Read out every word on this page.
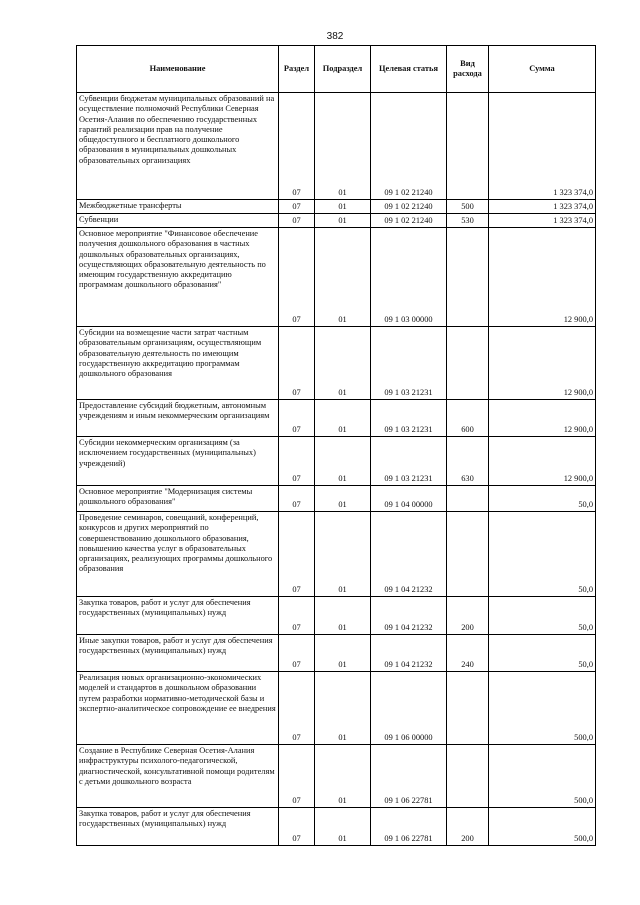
382
Наименование	Раздел	Подраздел	Целевая статья	Вид расхода	Сумма

Субвенции бюджетам муниципальных образований на осуществление полномочий Республики Северная Осетия-Алания по обеспечению государственных гарантий реализации прав на получение общедоступного и бесплатного дошкольного образования в муниципальных дошкольных образовательных организациях	07	01	09 1 02 21240		1 323 374,0

Межбюджетные трансферты	07	01	09 1 02 21240	500	1 323 374,0

Субвенции	07	01	09 1 02 21240	530	1 323 374,0

Основное мероприятие "Финансовое обеспечение получения дошкольного образования в частных дошкольных образовательных организациях, осуществляющих образовательную деятельность по имеющим государственную аккредитацию программам дошкольного образования"	07	01	09 1 03 00000		12 900,0

Субсидии на возмещение части затрат частным образовательным организациям, осуществляющим образовательную деятельность по имеющим государственную аккредитацию программам дошкольного образования	07	01	09 1 03 21231		12 900,0

Предоставление субсидий бюджетным, автономным учреждениям и иным некоммерческим организациям	07	01	09 1 03 21231	600	12 900,0

Субсидии некоммерческим организациям (за исключением государственных (муниципальных) учреждений)	07	01	09 1 03 21231	630	12 900,0

Основное мероприятие "Модернизация системы дошкольного образования"	07	01	09 1 04 00000		50,0

Проведение семинаров, совещаний, конференций, конкурсов и других мероприятий по совершенствованию дошкольного образования, повышению качества услуг в образовательных организациях, реализующих программы дошкольного образования	07	01	09 1 04 21232		50,0

Закупка товаров, работ и услуг для обеспечения государственных (муниципальных) нужд	07	01	09 1 04 21232	200	50,0

Иные закупки товаров, работ и услуг для обеспечения государственных (муниципальных) нужд	07	01	09 1 04 21232	240	50,0

Реализация новых организационно-экономических моделей и стандартов в дошкольном образовании путем разработки нормативно-методической базы и экспертно-аналитическое сопровождение ее внедрения	07	01	09 1 06 00000		500,0

Создание в Республике Северная Осетия-Алания инфраструктуры психолого-педагогической, диагностической, консультативной помощи родителям с детьми дошкольного возраста	07	01	09 1 06 22781		500,0

Закупка товаров, работ и услуг для обеспечения государственных (муниципальных) нужд	07	01	09 1 06 22781	200	500,0
